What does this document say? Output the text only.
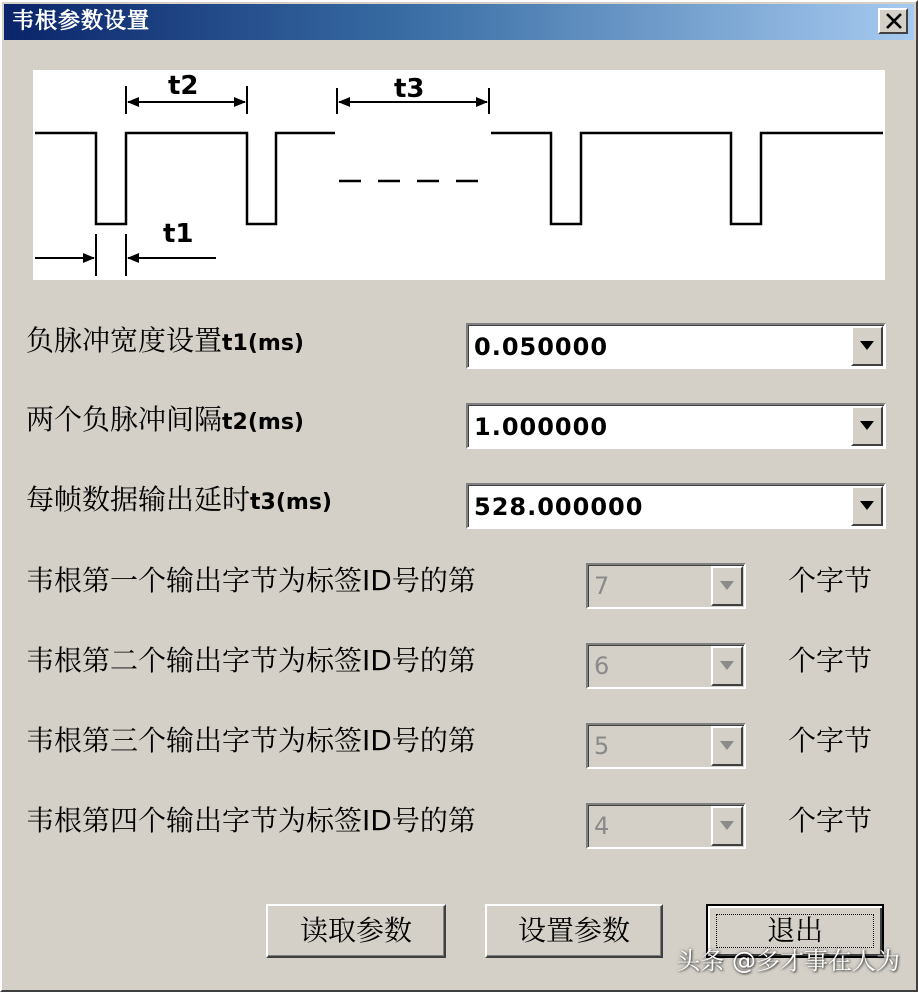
韦根参数设置
t2	t3
t1
负脉冲宽度设置t1(ms)	0.050000
两个负脉冲间隔t2(ms)	1.000000
每帧数据输出延时t3(ms)	528.000000
韦根第一个输出字节为标签ID号的第	7	个字节
韦根第二个输出字节为标签ID号的第	6	个字节
韦根第三个输出字节为标签ID号的第	5	个字节
韦根第四个输出字节为标签ID号的第	4	个字节
读取参数	设置参数	退出
头条 @多才事在人为
